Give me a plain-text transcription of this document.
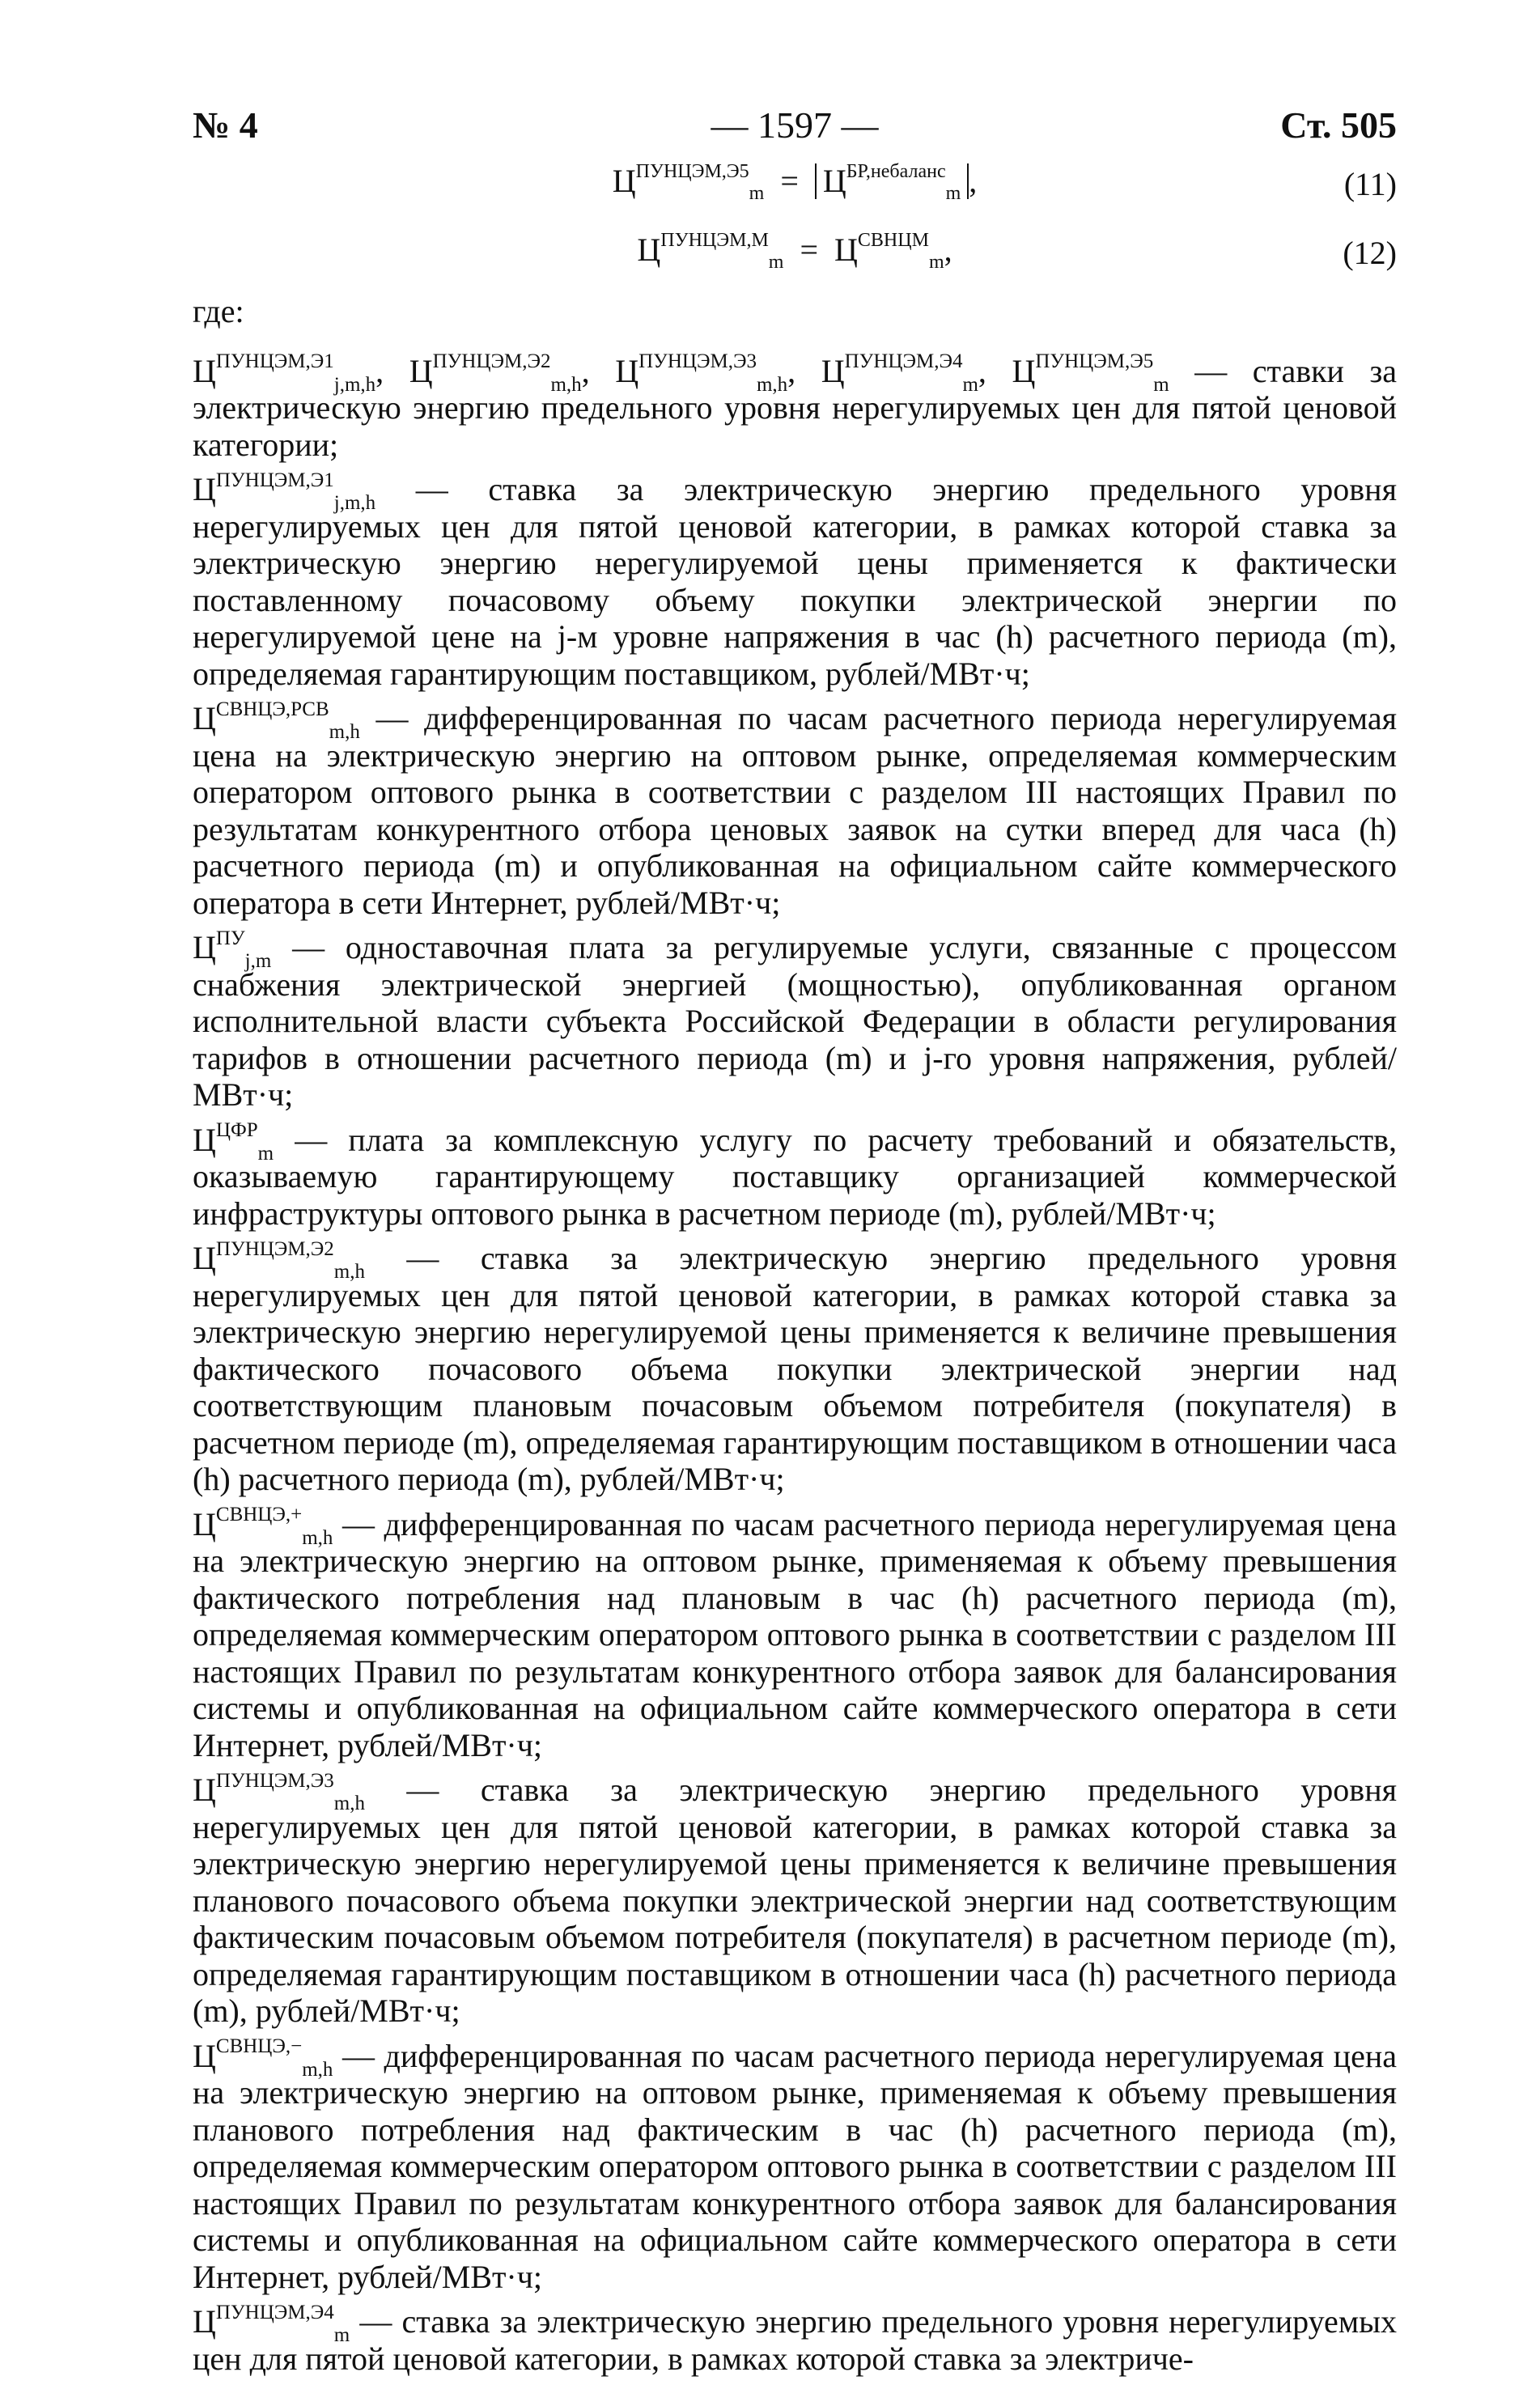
№ 4	— 1597 —	Ст. 505
$Ц^{ПУНЦЭМ,Э5}_m = Ц^{БР,небаланс}_m$ ,	(11)
$Ц^{ПУНЦЭМ,М}_m = Ц^{СВНЦМ}_m$,	(12)

где:

$Ц^{ПУНЦЭМ,Э1}_{j,m,h}$, $Ц^{ПУНЦЭМ,Э2}_{m,h}$, $Ц^{ПУНЦЭМ,Э3}_{m,h}$, $Ц^{ПУНЦЭМ,Э4}_m$, $Ц^{ПУНЦЭМ,Э5}_m$ — ставки за электрическую энергию предельного уровня нерегулируемых цен для пятой ценовой категории;

$Ц^{ПУНЦЭМ,Э1}_{j,m,h}$ — ставка за электрическую энергию предельного уровня нерегулируемых цен для пятой ценовой категории, в рамках которой ставка за электрическую энергию нерегулируемой цены применяется к фактически поставленному почасовому объему покупки электрической энергии по нерегулируемой цене на j-м уровне напряжения в час (h) расчетного периода (m), определяемая гарантирующим поставщиком, рублей/МВт·ч;

$Ц^{СВНЦЭ,РСВ}_{m,h}$ — дифференцированная по часам расчетного периода нерегулируемая цена на электрическую энергию на оптовом рынке, определяемая коммерческим оператором оптового рынка в соответствии с разделом III настоящих Правил по результатам конкурентного отбора ценовых заявок на сутки вперед для часа (h) расчетного периода (m) и опубликованная на официальном сайте коммерческого оператора в сети Интернет, рублей/МВт·ч;

$Ц^{ПУ}_{j,m}$ — одноставочная плата за регулируемые услуги, связанные с процессом снабжения электрической энергией (мощностью), опубликованная органом исполнительной власти субъекта Российской Федерации в области регулирования тарифов в отношении расчетного периода (m) и j-го уровня напряжения, рублей/МВт·ч;

$Ц^{ЦФР}_m$ — плата за комплексную услугу по расчету требований и обязательств, оказываемую гарантирующему поставщику организацией коммерческой инфраструктуры оптового рынка в расчетном периоде (m), рублей/МВт·ч;

$Ц^{ПУНЦЭМ,Э2}_{m,h}$ — ставка за электрическую энергию предельного уровня нерегулируемых цен для пятой ценовой категории, в рамках которой ставка за электрическую энергию нерегулируемой цены применяется к величине превышения фактического почасового объема покупки электрической энергии над соответствующим плановым почасовым объемом потребителя (покупателя) в расчетном периоде (m), определяемая гарантирующим поставщиком в отношении часа (h) расчетного периода (m), рублей/МВт·ч;

$Ц^{СВНЦЭ,+}_{m,h}$ — дифференцированная по часам расчетного периода нерегулируемая цена на электрическую энергию на оптовом рынке, применяемая к объему превышения фактического потребления над плановым в час (h) расчетного периода (m), определяемая коммерческим оператором оптового рынка в соответствии с разделом III настоящих Правил по результатам конкурентного отбора заявок для балансирования системы и опубликованная на официальном сайте коммерческого оператора в сети Интернет, рублей/МВт·ч;

$Ц^{ПУНЦЭМ,Э3}_{m,h}$ — ставка за электрическую энергию предельного уровня нерегулируемых цен для пятой ценовой категории, в рамках которой ставка за электрическую энергию нерегулируемой цены применяется к величине превышения планового почасового объема покупки электрической энергии над соответствующим фактическим почасовым объемом потребителя (покупателя) в расчетном периоде (m), определяемая гарантирующим поставщиком в отношении часа (h) расчетного периода (m), рублей/МВт·ч;

$Ц^{СВНЦЭ,-}_{m,h}$ — дифференцированная по часам расчетного периода нерегулируемая цена на электрическую энергию на оптовом рынке, применяемая к объему превышения планового потребления над фактическим в час (h) расчетного периода (m), определяемая коммерческим оператором оптового рынка в соответствии с разделом III настоящих Правил по результатам конкурентного отбора заявок для балансирования системы и опубликованная на официальном сайте коммерческого оператора в сети Интернет, рублей/МВт·ч;

$Ц^{ПУНЦЭМ,Э4}_m$ — ставка за электрическую энергию предельного уровня нерегулируемых цен для пятой ценовой категории, в рамках которой ставка за электриче-
